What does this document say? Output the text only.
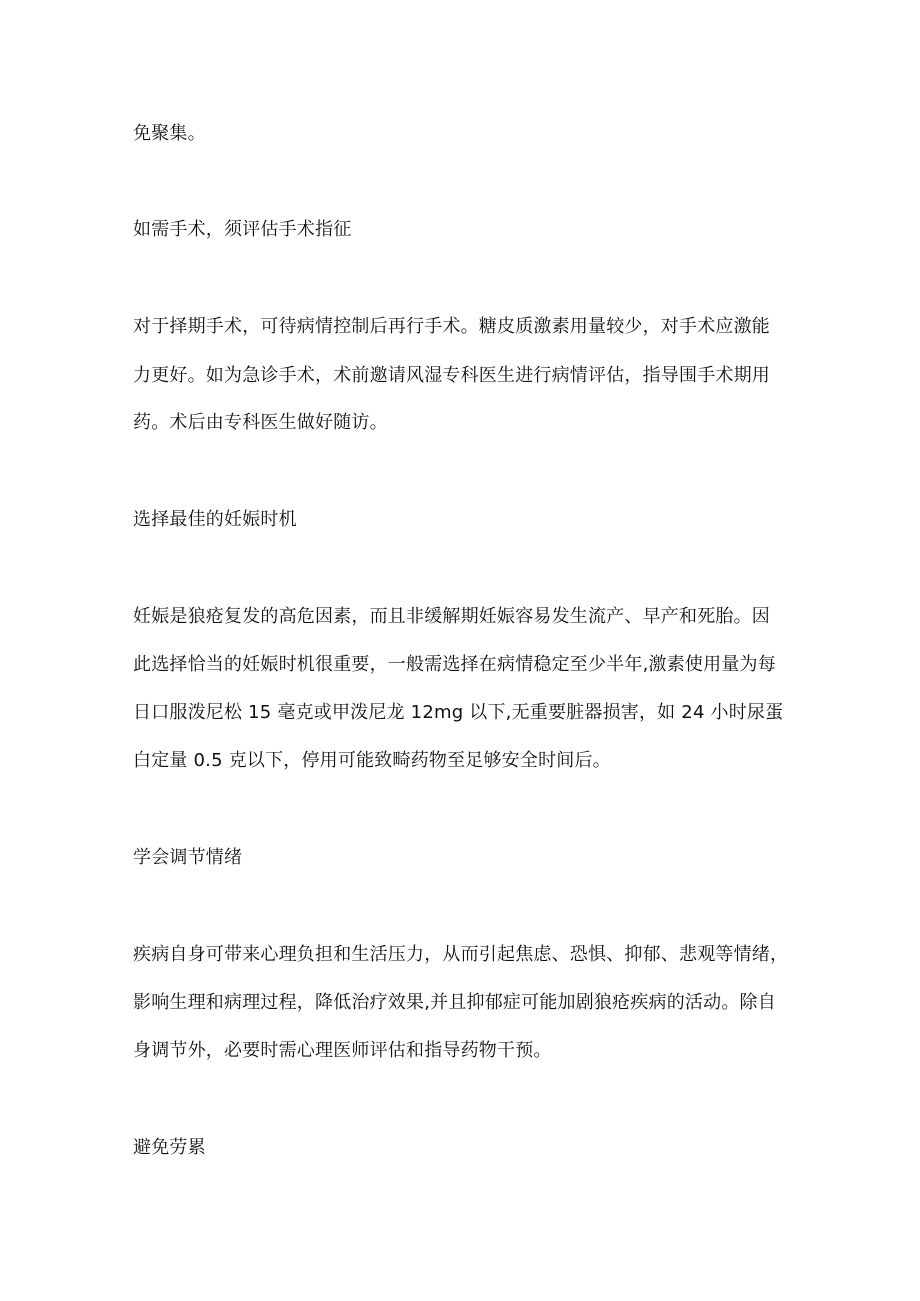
免聚集。
如需手术，须评估手术指征
对于择期手术，可待病情控制后再行手术。糖皮质激素用量较少，对手术应激能
力更好。如为急诊手术，术前邀请风湿专科医生进行病情评估，指导围手术期用
药。术后由专科医生做好随访。
选择最佳的妊娠时机
妊娠是狼疮复发的高危因素，而且非缓解期妊娠容易发生流产、早产和死胎。因
此选择恰当的妊娠时机很重要，一般需选择在病情稳定至少半年,激素使用量为每
日口服泼尼松 15 毫克或甲泼尼龙 12mg 以下,无重要脏器损害，如 24 小时尿蛋
白定量 0.5 克以下，停用可能致畸药物至足够安全时间后。
学会调节情绪
疾病自身可带来心理负担和生活压力，从而引起焦虑、恐惧、抑郁、悲观等情绪，
影响生理和病理过程，降低治疗效果,并且抑郁症可能加剧狼疮疾病的活动。除自
身调节外，必要时需心理医师评估和指导药物干预。
避免劳累
